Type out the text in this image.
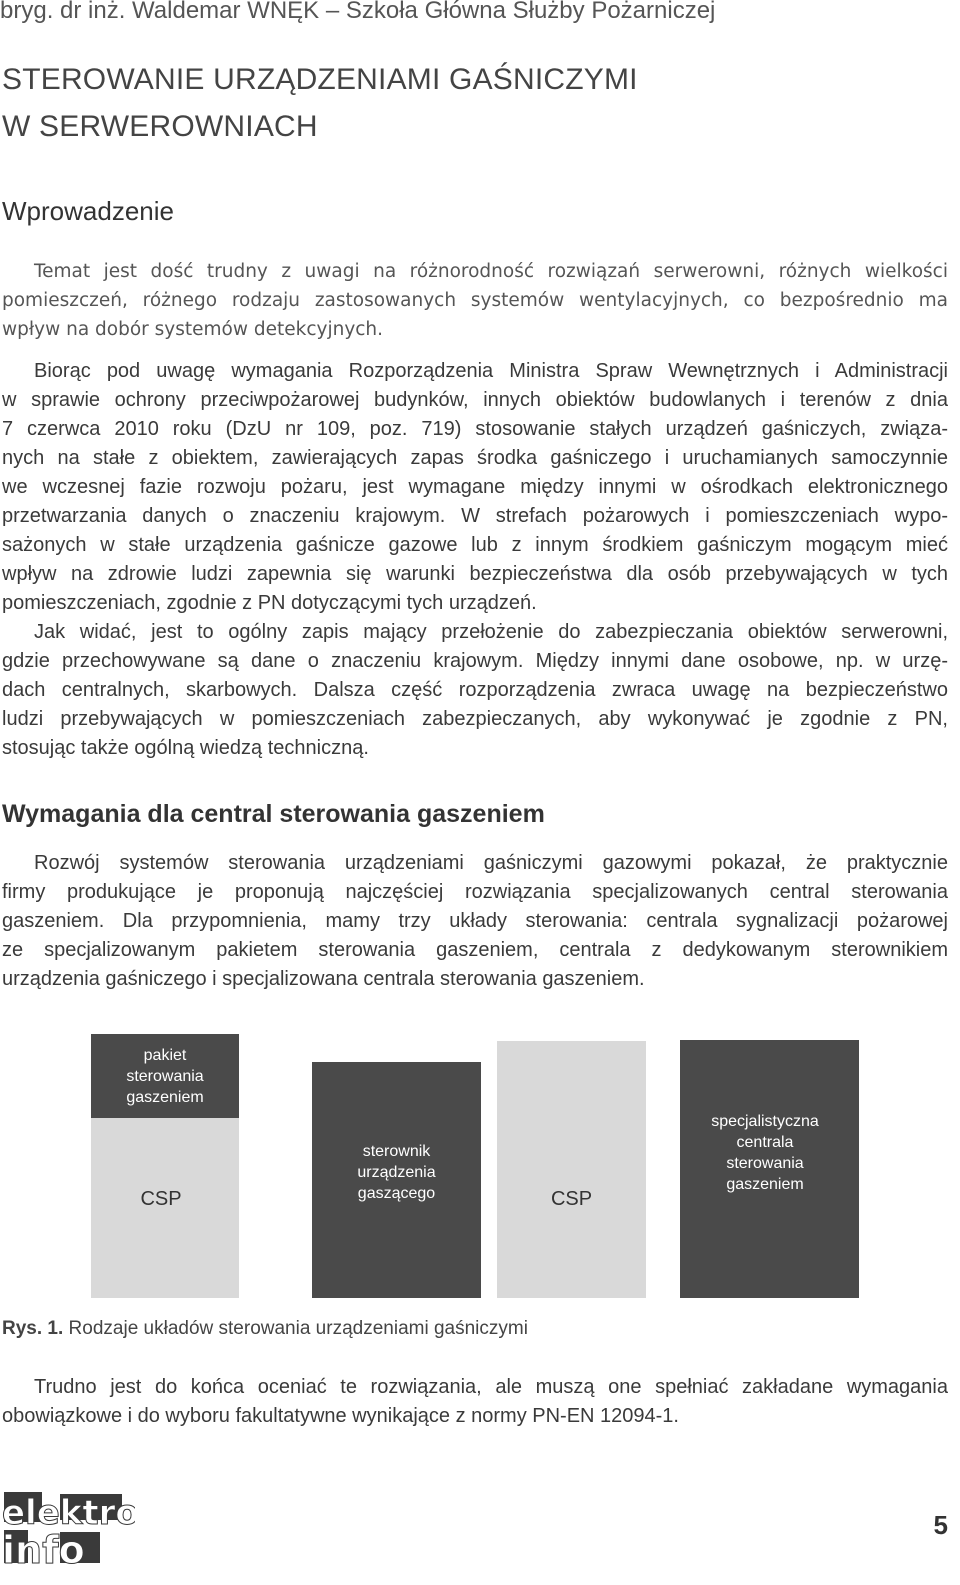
bryg. dr inż. Waldemar WNĘK – Szkoła Główna Służby Pożarniczej
STEROWANIE URZĄDZENIAMI GAŚNICZYMI
W SERWEROWNIACH
Wprowadzenie
Temat jest dość trudny z uwagi na różnorodność rozwiązań serwerowni, różnych wielkości
pomieszczeń, różnego rodzaju zastosowanych systemów wentylacyjnych, co bezpośrednio ma
wpływ na dobór systemów detekcyjnych.
Biorąc pod uwagę wymagania Rozporządzenia Ministra Spraw Wewnętrznych i Administracji
w sprawie ochrony przeciwpożarowej budynków, innych obiektów budowlanych i terenów z dnia
7 czerwca 2010 roku (DzU nr 109, poz. 719) stosowanie stałych urządzeń gaśniczych, związa-
nych na stałe z obiektem, zawierających zapas środka gaśniczego i uruchamianych samoczynnie
we wczesnej fazie rozwoju pożaru, jest wymagane między innymi w ośrodkach elektronicznego
przetwarzania danych o znaczeniu krajowym. W strefach pożarowych i pomieszczeniach wypo-
sażonych w stałe urządzenia gaśnicze gazowe lub z innym środkiem gaśniczym mogącym mieć
wpływ na zdrowie ludzi zapewnia się warunki bezpieczeństwa dla osób przebywających w tych
pomieszczeniach, zgodnie z PN dotyczącymi tych urządzeń.
Jak widać, jest to ogólny zapis mający przełożenie do zabezpieczania obiektów serwerowni,
gdzie przechowywane są dane o znaczeniu krajowym. Między innymi dane osobowe, np. w urzę-
dach centralnych, skarbowych. Dalsza część rozporządzenia zwraca uwagę na bezpieczeństwo
ludzi przebywających w pomieszczeniach zabezpieczanych, aby wykonywać je zgodnie z PN,
stosując także ogólną wiedzą techniczną.
Wymagania dla central sterowania gaszeniem
Rozwój systemów sterowania urządzeniami gaśniczymi gazowymi pokazał, że praktycznie
firmy produkujące je proponują najczęściej rozwiązania specjalizowanych central sterowania
gaszeniem. Dla przypomnienia, mamy trzy układy sterowania: centrala sygnalizacji pożarowej
ze specjalizowanym pakietem sterowania gaszeniem, centrala z dedykowanym sterownikiem
urządzenia gaśniczego i specjalizowana centrala sterowania gaszeniem.
pakiet
sterowania
gaszeniem
CSP
sterownik
urządzenia
gaszącego	CSP
specjalistyczna
centrala
sterowania
gaszeniem
Rys. 1. Rodzaje układów sterowania urządzeniami gaśniczymi
Trudno jest do końca oceniać te rozwiązania, ale muszą one spełniać zakładane wymagania
obowiązkowe i do wyboru fakultatywne wynikające z normy PN-EN 12094-1.
elektro
info
5
